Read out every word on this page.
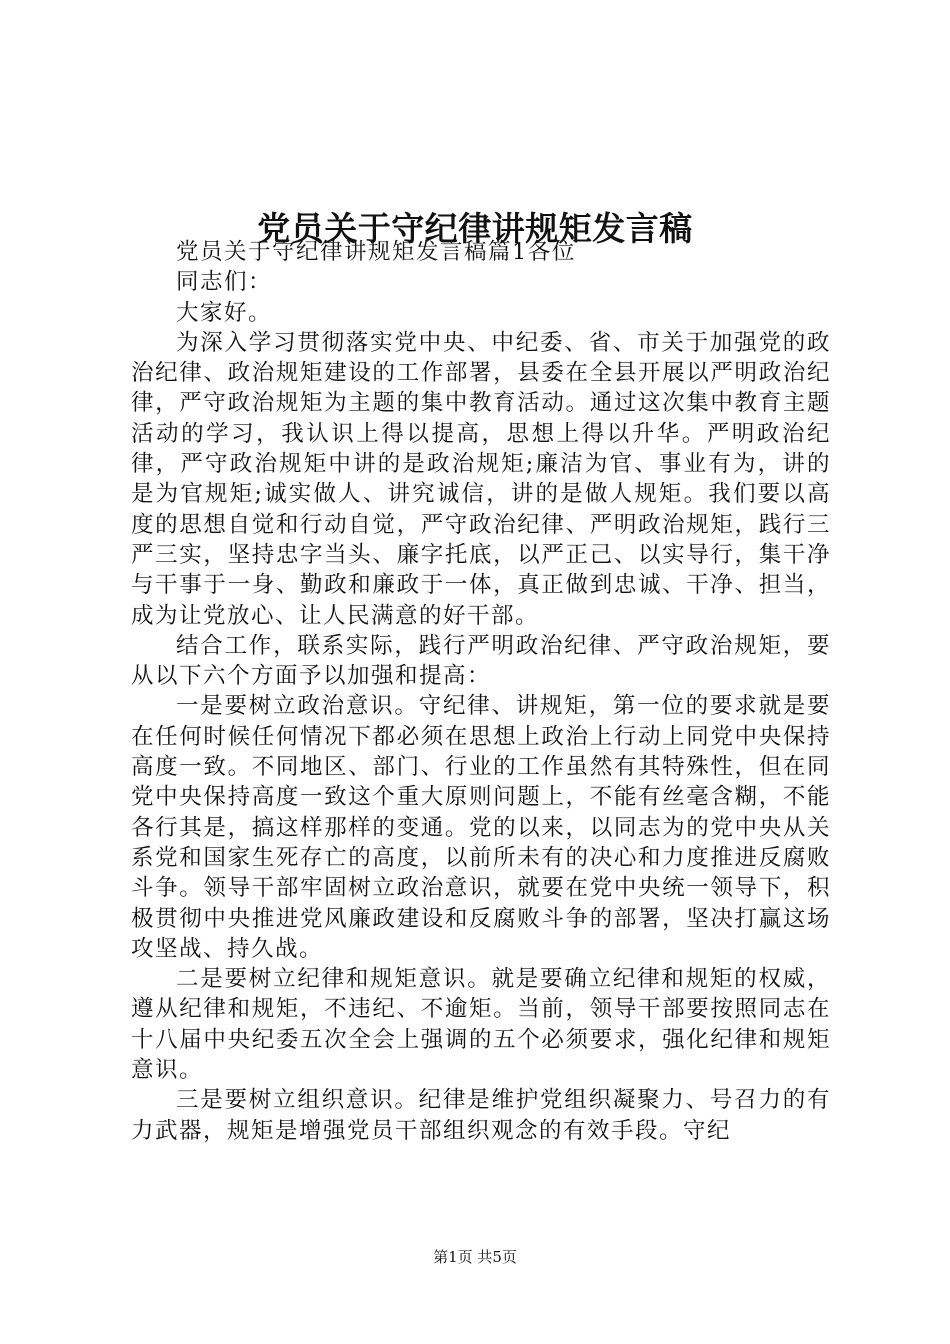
党员关于守纪律讲规矩发言稿

党员关于守纪律讲规矩发言稿篇1各位

同志们：

大家好。

为深入学习贯彻落实党中央、中纪委、省、市关于加强党的政治纪律、政治规矩建设的工作部署，县委在全县开展以严明政治纪律，严守政治规矩为主题的集中教育活动。通过这次集中教育主题活动的学习，我认识上得以提高，思想上得以升华。严明政治纪律，严守政治规矩中讲的是政治规矩;廉洁为官、事业有为，讲的是为官规矩;诚实做人、讲究诚信，讲的是做人规矩。我们要以高度的思想自觉和行动自觉，严守政治纪律、严明政治规矩，践行三严三实，坚持忠字当头、廉字托底，以严正己、以实导行，集干净与干事于一身、勤政和廉政于一体，真正做到忠诚、干净、担当，成为让党放心、让人民满意的好干部。

结合工作，联系实际，践行严明政治纪律、严守政治规矩，要从以下六个方面予以加强和提高：

一是要树立政治意识。守纪律、讲规矩，第一位的要求就是要在任何时候任何情况下都必须在思想上政治上行动上同党中央保持高度一致。不同地区、部门、行业的工作虽然有其特殊性，但在同党中央保持高度一致这个重大原则问题上，不能有丝毫含糊，不能各行其是，搞这样那样的变通。党的以来，以同志为的党中央从关系党和国家生死存亡的高度，以前所未有的决心和力度推进反腐败斗争。领导干部牢固树立政治意识，就要在党中央统一领导下，积极贯彻中央推进党风廉政建设和反腐败斗争的部署，坚决打赢这场攻坚战、持久战。

二是要树立纪律和规矩意识。就是要确立纪律和规矩的权威，遵从纪律和规矩，不违纪、不逾矩。当前，领导干部要按照同志在十八届中央纪委五次全会上强调的五个必须要求，强化纪律和规矩意识。

三是要树立组织意识。纪律是维护党组织凝聚力、号召力的有力武器，规矩是增强党员干部组织观念的有效手段。守纪

第1页 共5页
